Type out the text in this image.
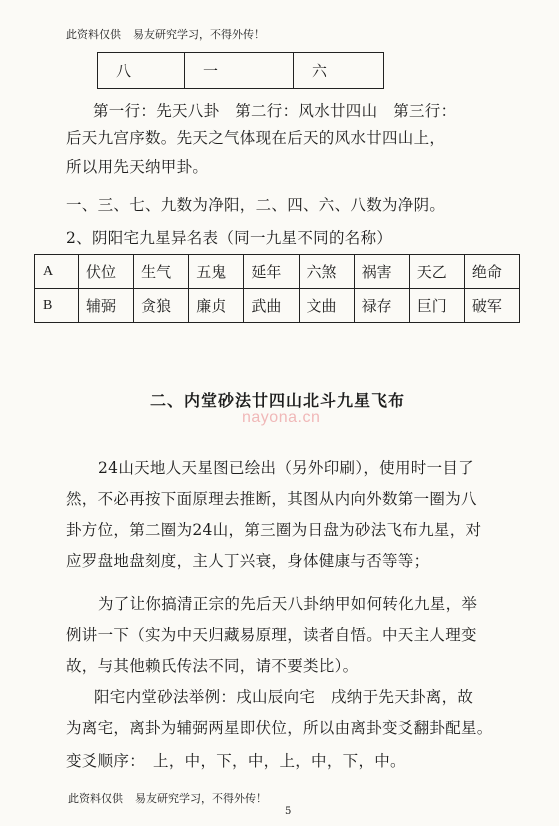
此资料仅供 易友研究学习，不得外传！
八	一	六
第一行：先天八卦　第二行：风水廿四山　第三行：
后天九宫序数。先天之气体现在后天的风水廿四山上，
所以用先天纳甲卦。
一、三、七、九数为净阳，二、四、六、八数为净阴。
2、阴阳宅九星异名表（同一九星不同的名称）
A	伏位	生气	五鬼	延年	六煞	祸害	天乙	绝命
B	辅弼	贪狼	廉贞	武曲	文曲	禄存	巨门	破军
二、内堂砂法廿四山北斗九星飞布
nayona.cn
24山天地人天星图已绘出（另外印刷），使用时一目了
然，不必再按下面原理去推断，其图从内向外数第一圈为八
卦方位，第二圈为24山，第三圈为日盘为砂法飞布九星，对
应罗盘地盘刻度，主人丁兴衰，身体健康与否等等；
为了让你搞清正宗的先后天八卦纳甲如何转化九星，举
例讲一下（实为中天归藏易原理，读者自悟。中天主人理变
故，与其他赖氏传法不同，请不要类比）。
阳宅内堂砂法举例：戌山辰向宅　戌纳于先天卦离，故
为离宅，离卦为辅弼两星即伏位，所以由离卦变爻翻卦配星。
变爻顺序：　上，中，下，中，上，中，下，中。
此资料仅供 易友研究学习，不得外传！
5
